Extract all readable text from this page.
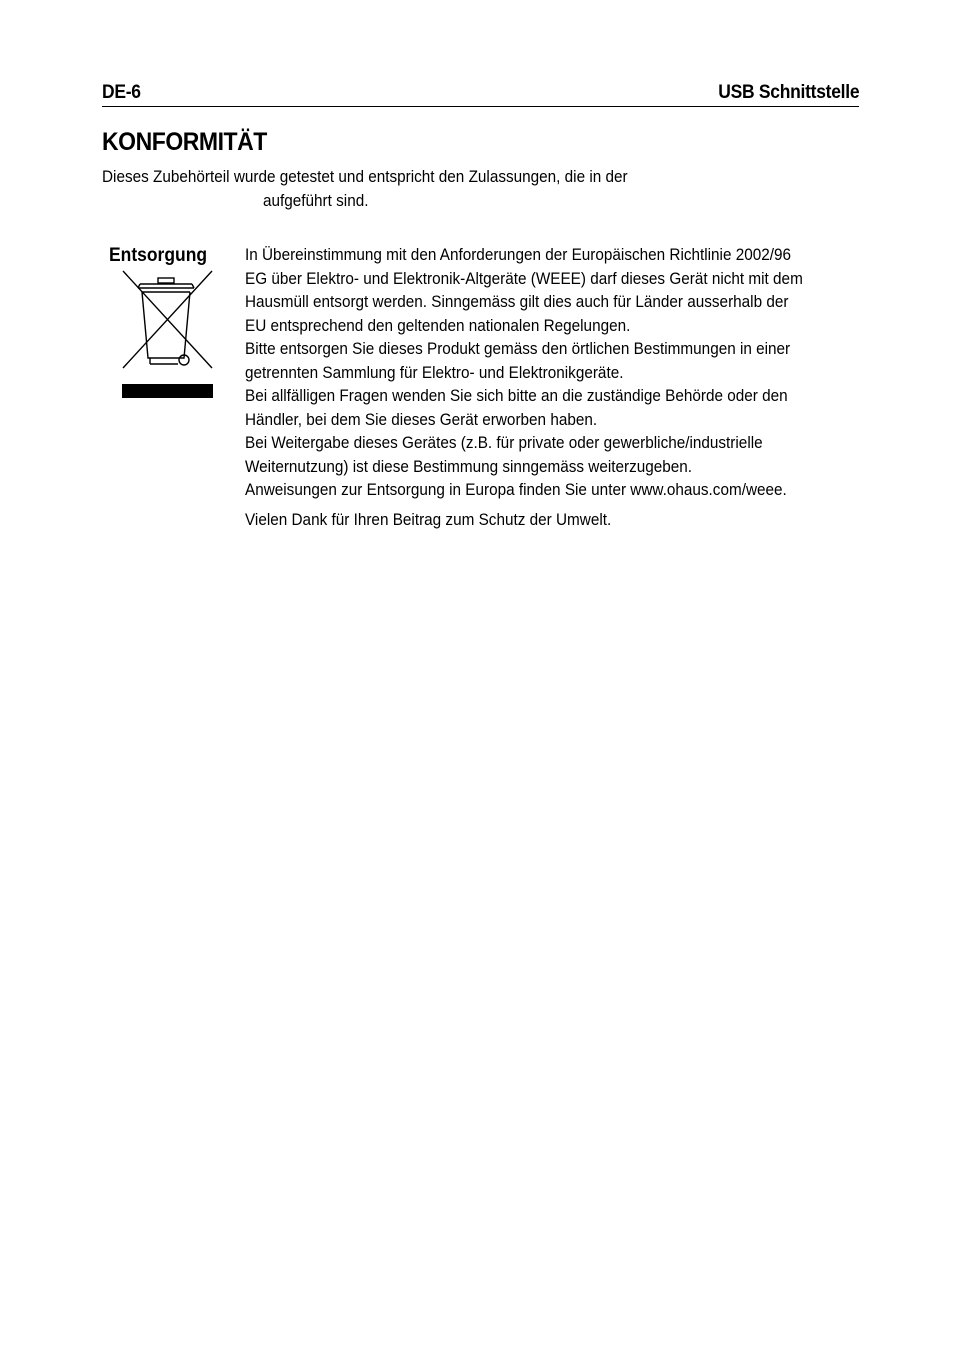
DE-6	USB Schnittstelle
KONFORMITÄT
Dieses Zubehörteil wurde getestet und entspricht den Zulassungen, die in der
aufgeführt sind.
Entsorgung In Übereinstimmung mit den Anforderungen der Europäischen Richtlinie 2002/96

EG über Elektro- und Elektronik-Altgeräte (WEEE) darf dieses Gerät nicht mit dem

Hausmüll entsorgt werden. Sinngemäss gilt dies auch für Länder ausserhalb der

EU entsprechend den geltenden nationalen Regelungen.

Bitte entsorgen Sie dieses Produkt gemäss den örtlichen Bestimmungen in einer

getrennten Sammlung für Elektro- und Elektronikgeräte.

Bei allfälligen Fragen wenden Sie sich bitte an die zuständige Behörde oder den

Händler, bei dem Sie dieses Gerät erworben haben.

Bei Weitergabe dieses Gerätes (z.B. für private oder gewerbliche/industrielle

Weiternutzung) ist diese Bestimmung sinngemäss weiterzugeben.

Anweisungen zur Entsorgung in Europa finden Sie unter www.ohaus.com/weee.

Vielen Dank für Ihren Beitrag zum Schutz der Umwelt.
